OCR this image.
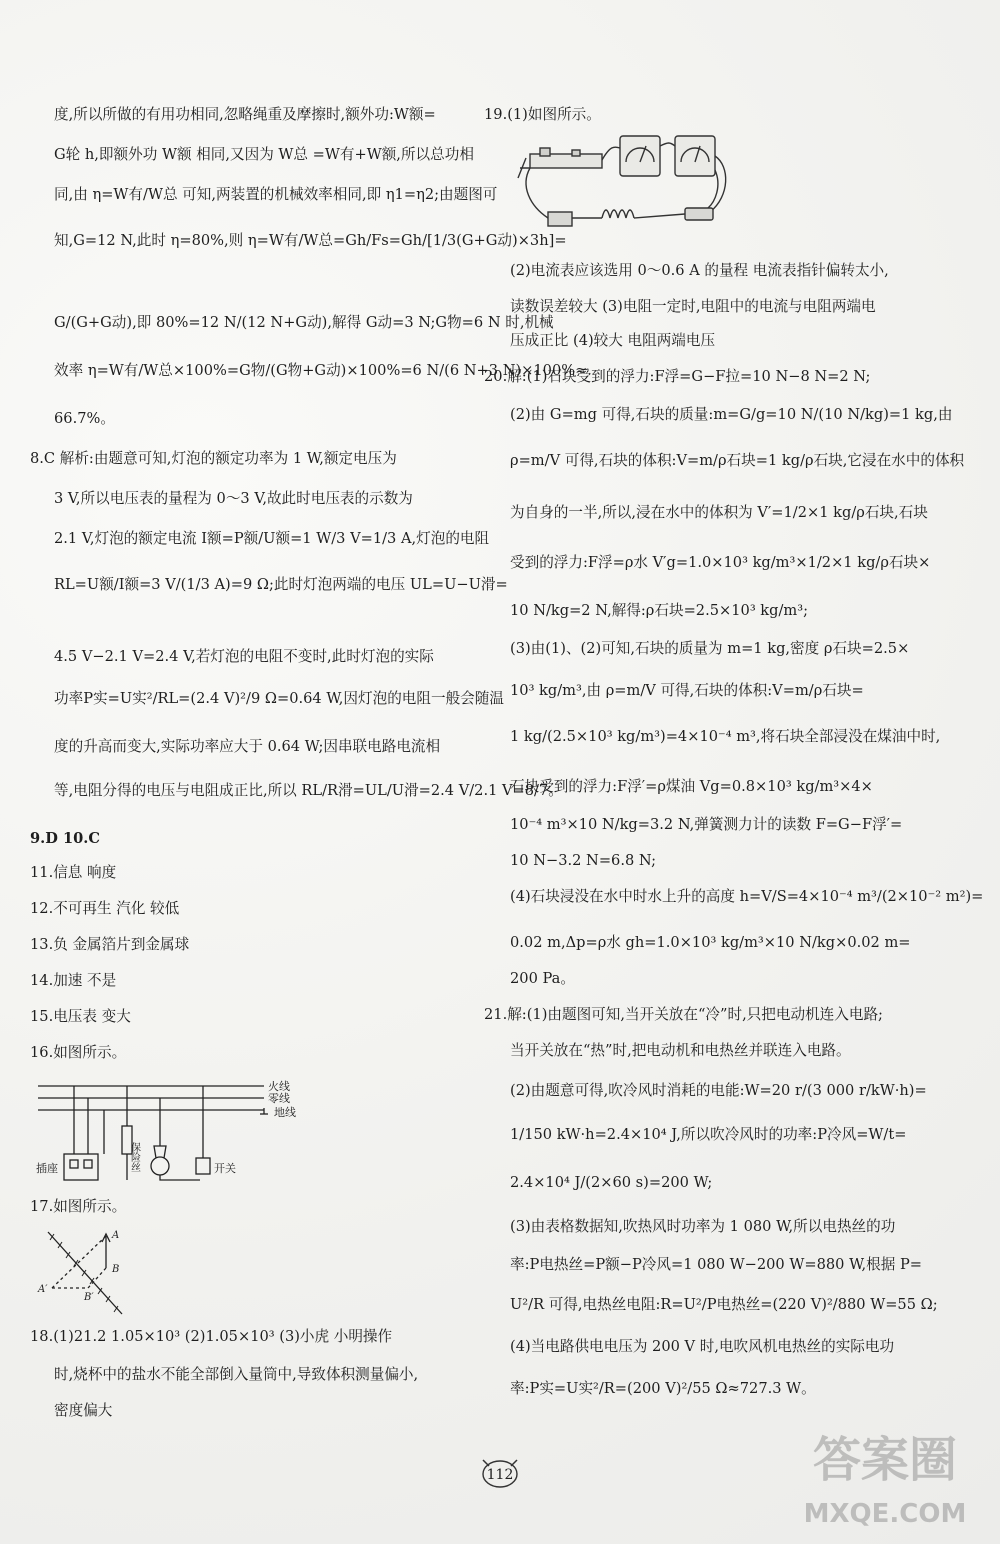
度,所以所做的有用功相同,忽略绳重及摩擦时,额外功:W额=
G轮 h,即额外功 W额 相同,又因为 W总 =W有+W额,所以总功相
同,由 η=W有/W总 可知,两装置的机械效率相同,即 η1=η2;由题图可
知,G=12 N,此时 η=80%,则 η=W有/W总=Gh/Fs=Gh/[1/3(G+G动)×3h]=
G/(G+G动),即 80%=12 N/(12 N+G动),解得 G动=3 N;G物=6 N 时,机械
效率 η=W有/W总×100%=G物/(G物+G动)×100%=6 N/(6 N+3 N)×100%≈
66.7%。
8.C 解析:由题意可知,灯泡的额定功率为 1 W,额定电压为
3 V,所以电压表的量程为 0～3 V,故此时电压表的示数为
2.1 V,灯泡的额定电流 I额=P额/U额=1 W/3 V=1/3 A,灯泡的电阻
RL=U额/I额=3 V/(1/3 A)=9 Ω;此时灯泡两端的电压 UL=U−U滑=
4.5 V−2.1 V=2.4 V,若灯泡的电阻不变时,此时灯泡的实际
功率P实=U实²/RL=(2.4 V)²/9 Ω=0.64 W,因灯泡的电阻一般会随温
度的升高而变大,实际功率应大于 0.64 W;因串联电路电流相
等,电阻分得的电压与电阻成正比,所以 RL/R滑=UL/U滑=2.4 V/2.1 V=8/7。
9.D 10.C
11.信息 响度
12.不可再生 汽化 较低
13.负 金属箔片到金属球
14.加速 不是
15.电压表 变大
16.如图所示。
17.如图所示。
18.(1)21.2 1.05×10³ (2)1.05×10³ (3)小虎 小明操作
时,烧杯中的盐水不能全部倒入量筒中,导致体积测量偏小,
密度偏大
19.(1)如图所示。
(2)电流表应该选用 0～0.6 A 的量程 电流表指针偏转太小,
读数误差较大 (3)电阻一定时,电阻中的电流与电阻两端电
压成正比 (4)较大 电阻两端电压
20.解:(1)石块受到的浮力:F浮=G−F拉=10 N−8 N=2 N;
(2)由 G=mg 可得,石块的质量:m=G/g=10 N/(10 N/kg)=1 kg,由
ρ=m/V 可得,石块的体积:V=m/ρ石块=1 kg/ρ石块,它浸在水中的体积
为自身的一半,所以,浸在水中的体积为 V′=1/2×1 kg/ρ石块,石块
受到的浮力:F浮=ρ水 V′g=1.0×10³ kg/m³×1/2×1 kg/ρ石块×
10 N/kg=2 N,解得:ρ石块=2.5×10³ kg/m³;
(3)由(1)、(2)可知,石块的质量为 m=1 kg,密度 ρ石块=2.5×
10³ kg/m³,由 ρ=m/V 可得,石块的体积:V=m/ρ石块=
1 kg/(2.5×10³ kg/m³)=4×10⁻⁴ m³,将石块全部浸没在煤油中时,
石块受到的浮力:F浮′=ρ煤油 Vg=0.8×10³ kg/m³×4×
10⁻⁴ m³×10 N/kg=3.2 N,弹簧测力计的读数 F=G−F浮′=
10 N−3.2 N=6.8 N;
(4)石块浸没在水中时水上升的高度 h=V/S=4×10⁻⁴ m³/(2×10⁻² m²)=
0.02 m,Δp=ρ水 gh=1.0×10³ kg/m³×10 N/kg×0.02 m=
200 Pa。
21.解:(1)由题图可知,当开关放在“冷”时,只把电动机连入电路;
当开关放在“热”时,把电动机和电热丝并联连入电路。
(2)由题意可得,吹冷风时消耗的电能:W=20 r/(3 000 r/kW·h)=
1/150 kW·h=2.4×10⁴ J,所以吹冷风时的功率:P冷风=W/t=
2.4×10⁴ J/(2×60 s)=200 W;
(3)由表格数据知,吹热风时功率为 1 080 W,所以电热丝的功
率:P电热丝=P额−P冷风=1 080 W−200 W=880 W,根据 P=
U²/R 可得,电热丝电阻:R=U²/P电热丝=(220 V)²/880 W=55 Ω;
(4)当电路供电电压为 200 V 时,电吹风机电热丝的实际电功
率:P实=U实²/R=(200 V)²/55 Ω≈727.3 W。
火线
零线
地线
插座	开关
保险丝
A
B
A′
B′
112	答案圈
MXQE.COM
